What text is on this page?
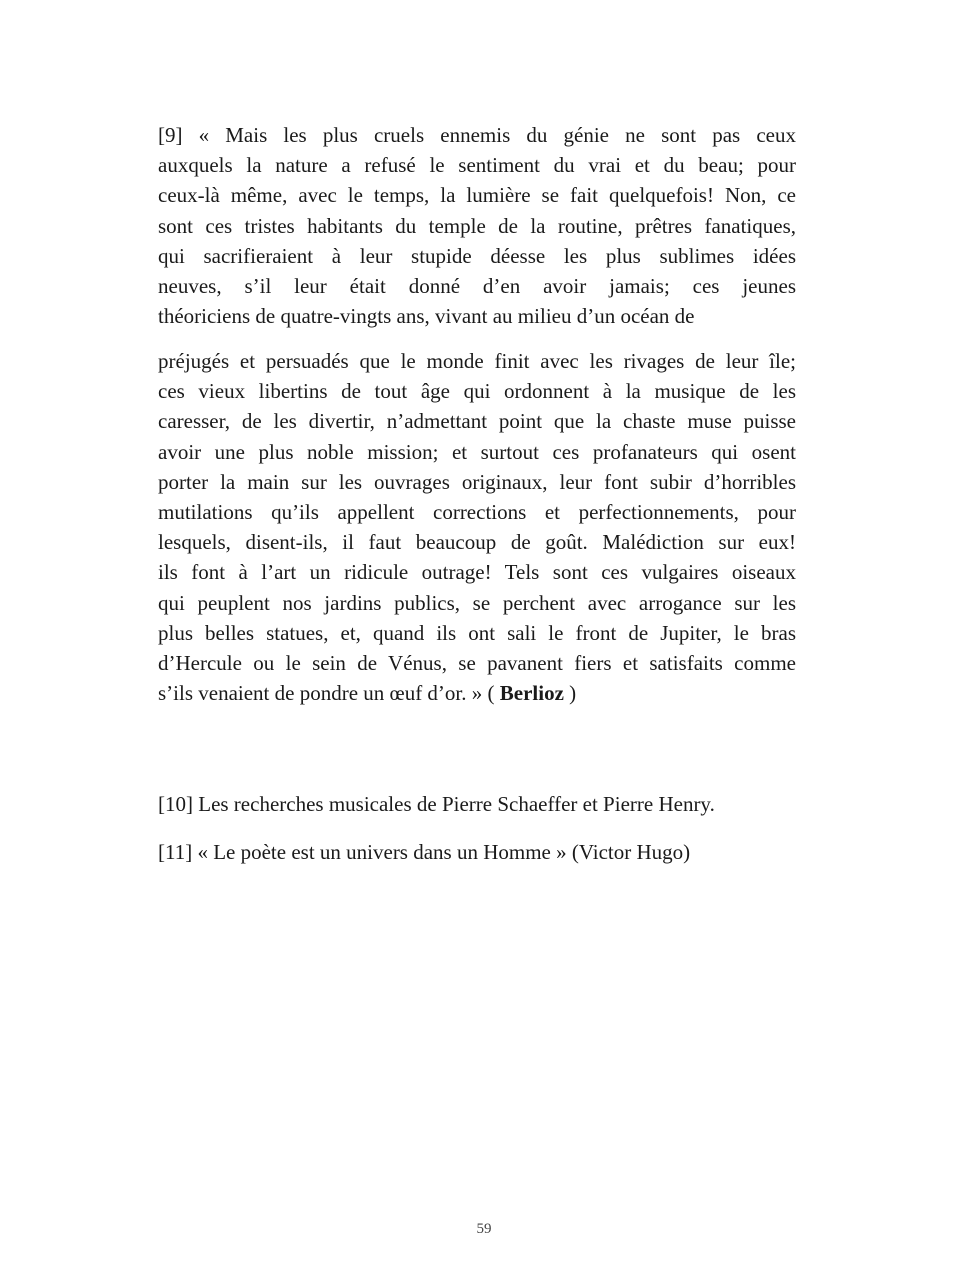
[9] « Mais les plus cruels ennemis du génie ne sont pas ceux
auxquels la nature a refusé le sentiment du vrai et du beau; pour
ceux-là même, avec le temps, la lumière se fait quelquefois! Non, ce
sont ces tristes habitants du temple de la routine, prêtres fanatiques,
qui sacrifieraient à leur stupide déesse les plus sublimes idées
neuves, s’il leur était donné d’en avoir jamais; ces jeunes
théoriciens de quatre-vingts ans, vivant au milieu d’un océan de
préjugés et persuadés que le monde finit avec les rivages de leur île;
ces vieux libertins de tout âge qui ordonnent à la musique de les
caresser, de les divertir, n’admettant point que la chaste muse puisse
avoir une plus noble mission; et surtout ces profanateurs qui osent
porter la main sur les ouvrages originaux, leur font subir d’horribles
mutilations qu’ils appellent corrections et perfectionnements, pour
lesquels, disent-ils, il faut beaucoup de goût. Malédiction sur eux!
ils font à l’art un ridicule outrage! Tels sont ces vulgaires oiseaux
qui peuplent nos jardins publics, se perchent avec arrogance sur les
plus belles statues, et, quand ils ont sali le front de Jupiter, le bras
d’Hercule ou le sein de Vénus, se pavanent fiers et satisfaits comme
s’ils venaient de pondre un œuf d’or. » ( Berlioz )

[10] Les recherches musicales de Pierre Schaeffer et Pierre Henry.

[11] « Le poète est un univers dans un Homme » (Victor Hugo)

59
